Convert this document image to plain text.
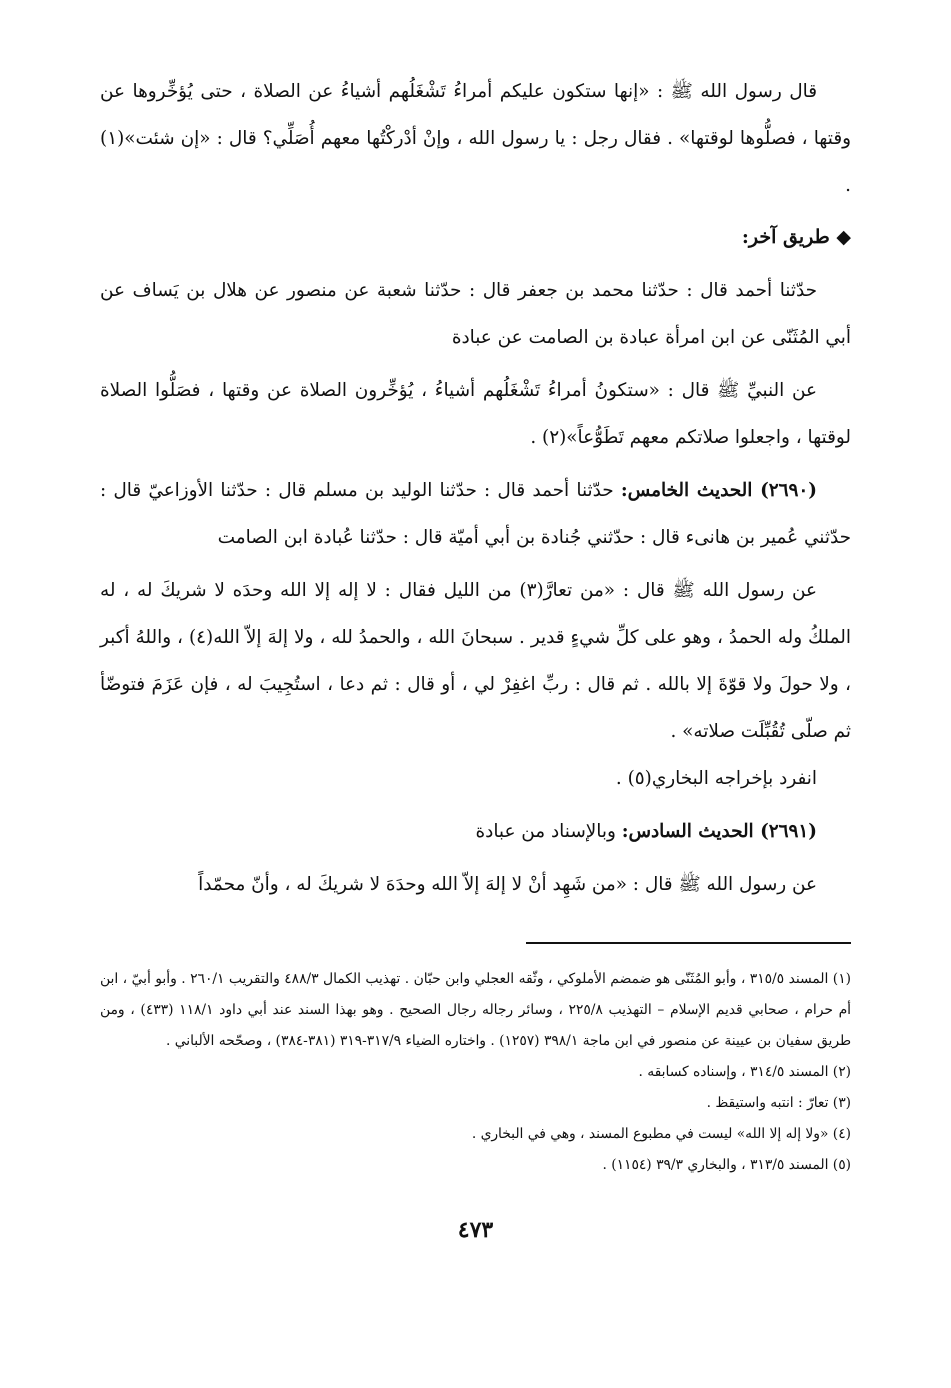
قال رسول الله ﷺ : «إنها ستكون عليكم أمراءُ تَشْغَلُهم أشياءُ عن الصلاة ، حتى يُؤخِّروها عن وقتها ، فصلُّوها لوقتها» . فقال رجل : يا رسول الله ، وإنْ أدْركْتُها معهم أُصَلِّي؟ قال : «إن شئت»(١) .

◆ طريق آخر:

حدّثنا أحمد قال : حدّثنا محمد بن جعفر قال : حدّثنا شعبة عن منصور عن هلال بن يَساف عن أبي المُثَنّى عن ابن امرأة عبادة بن الصامت عن عبادة

عن النبيِّ ﷺ قال : «ستكونُ أمراءُ تَشْغَلُهم أشياءُ ، يُؤخِّرون الصلاة عن وقتها ، فصَلُّوا الصلاة لوقتها ، واجعلوا صلاتكم معهم تَطَوُّعاً»(٢) .

(٢٦٩٠) الحديث الخامس: حدّثنا أحمد قال : حدّثنا الوليد بن مسلم قال : حدّثنا الأوزاعيّ قال : حدّثني عُمير بن هانىء قال : حدّثني جُنادة بن أبي أميّة قال : حدّثنا عُبادة ابن الصامت

عن رسول الله ﷺ قال : «من تعارَّ(٣) من الليل فقال : لا إله إلا الله وحدَه لا شريكَ له ، له الملكُ وله الحمدُ ، وهو على كلِّ شيءٍ قدير . سبحانَ الله ، والحمدُ لله ، ولا إلهَ إلاّ الله(٤) ، واللهُ أكبر ، ولا حولَ ولا قوّةَ إلا بالله . ثم قال : ربِّ اغفِرْ لي ، أو قال : ثم دعا ، استُجِيبَ له ، فإن عَزَمَ فتوضّأ ثم صلّى تُقُبِّلَت صلاته» .

انفرد بإخراجه البخاري(٥) .

(٢٦٩١) الحديث السادس: وبالإسناد من عبادة

عن رسول الله ﷺ قال : «من شَهِد أنْ لا إلهَ إلاّ الله وحدَهَ لا شريكَ له ، وأنّ محمّداً

(١) المسند ٣١٥/٥ ، وأبو المُثَنّى هو ضمضم الأملوكي ، وثّقه العجلي وابن حبّان . تهذيب الكمال ٤٨٨/٣ والتقريب ٢٦٠/١ . وأبو أبيّ ، ابن أم حرام ، صحابي قديم الإسلام – التهذيب ٢٢٥/٨ ، وسائر رجاله رجال الصحيح . وهو بهذا السند عند أبي داود ١١٨/١ (٤٣٣) ، ومن طريق سفيان بن عيينة عن منصور في ابن ماجة ٣٩٨/١ (١٢٥٧) . واختاره الضياء ٣١٧/٩-٣١٩ (٣٨١-٣٨٤) ، وصحّحه الألباني .

(٢) المسند ٣١٤/٥ ، وإسناده كسابقه .

(٣) تعارّ : انتبه واستيقظ .

(٤) «ولا إله إلا الله» ليست في مطبوع المسند ، وهي في البخاري .

(٥) المسند ٣١٣/٥ ، والبخاري ٣٩/٣ (١١٥٤) .

٤٧٣
